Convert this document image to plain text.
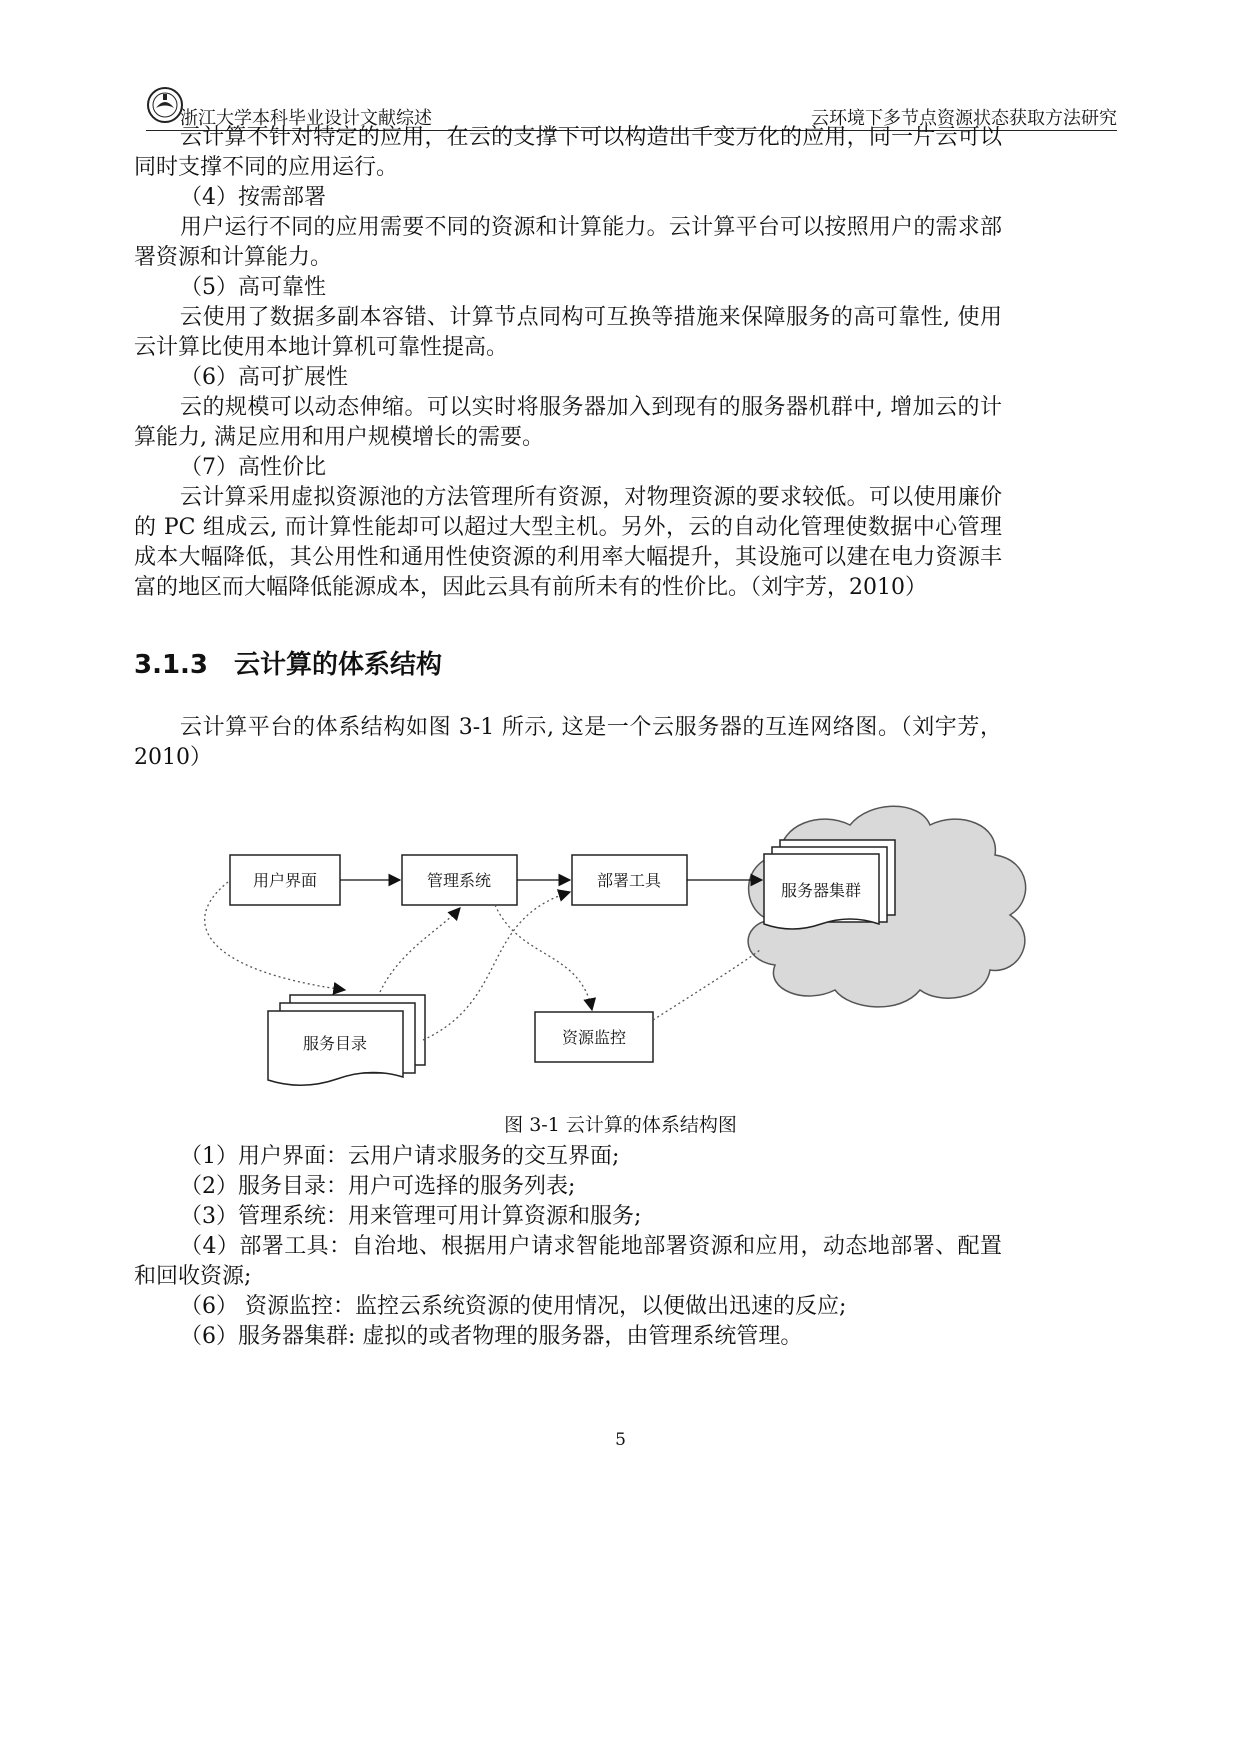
浙江大学本科毕业设计文献综述	云环境下多节点资源状态获取方法研究
云计算不针对特定的应用，在云的支撑下可以构造出千变万化的应用，同一片云可以
同时支撑不同的应用运行。
（4）按需部署
用户运行不同的应用需要不同的资源和计算能力。云计算平台可以按照用户的需求部
署资源和计算能力。
（5）高可靠性
云使用了数据多副本容错、计算节点同构可互换等措施来保障服务的高可靠性, 使用
云计算比使用本地计算机可靠性提高。
（6）高可扩展性
云的规模可以动态伸缩。可以实时将服务器加入到现有的服务器机群中, 增加云的计
算能力, 满足应用和用户规模增长的需要。
（7）高性价比
云计算采用虚拟资源池的方法管理所有资源，对物理资源的要求较低。可以使用廉价
的 PC 组成云, 而计算性能却可以超过大型主机。另外，云的自动化管理使数据中心管理
成本大幅降低，其公用性和通用性使资源的利用率大幅提升，其设施可以建在电力资源丰
富的地区而大幅降低能源成本，因此云具有前所未有的性价比。（刘宇芳，2010）
3.1.3 云计算的体系结构
云计算平台的体系结构如图 3-1 所示, 这是一个云服务器的互连网络图。（刘宇芳，
2010）
服务器集群
用户界面	管理系统	部署工具
服务目录	资源监控
图 3-1 云计算的体系结构图
（1）用户界面：云用户请求服务的交互界面;
（2）服务目录：用户可选择的服务列表;
（3）管理系统：用来管理可用计算资源和服务;
（4）部署工具：自治地、根据用户请求智能地部署资源和应用，动态地部署、配置
和回收资源;
（6） 资源监控：监控云系统资源的使用情况，以便做出迅速的反应;
（6）服务器集群: 虚拟的或者物理的服务器，由管理系统管理。
5
